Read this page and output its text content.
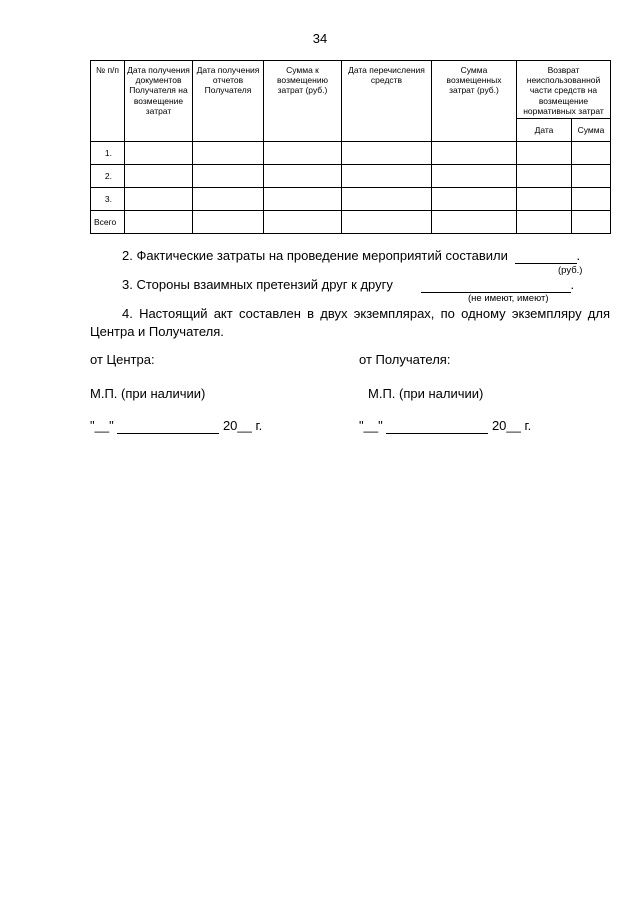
34
№ п/п	Дата получения документов Получателя на возмещение затрат	Дата получения отчетов Получателя	Сумма к возмещению затрат (руб.)	Дата перечисления средств	Сумма возмещенных затрат (руб.)	Возврат неиспользованной части средств на возмещение нормативных затрат	
						Дата	Сумма
1.							
2.							
3.							
Всего							
2. Фактические затраты на проведение мероприятий составили	.
(руб.)
3. Стороны взаимных претензий друг к другу	.
(не имеют, имеют)
4. Настоящий акт составлен в двух экземплярах, по одному экземпляру для Центра и Получателя.
от Центра:	от Получателя:
М.П. (при наличии)	М.П. (при наличии)
"__"	20__ г.	"__"	20__ г.
